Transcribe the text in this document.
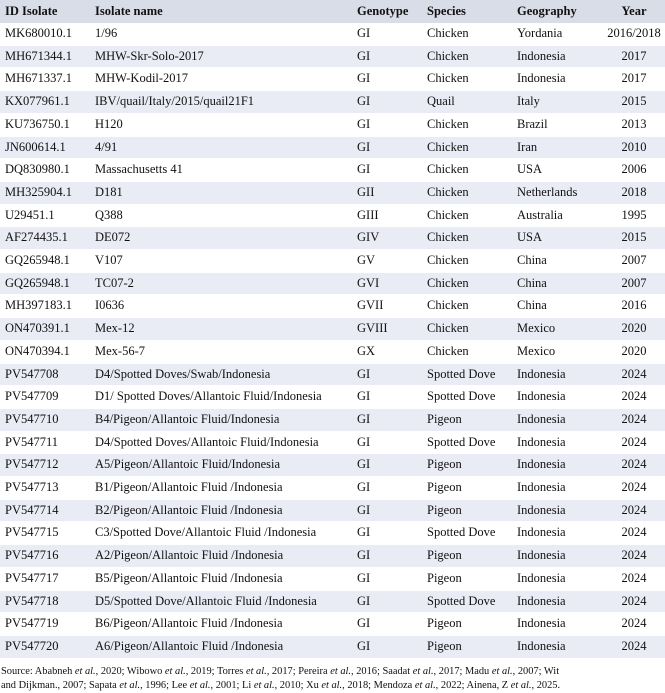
ID Isolate	Isolate name	Genotype	Species	Geography	Year
MK680010.1	1/96	GI	Chicken	Yordania	2016/2018
MH671344.1	MHW-Skr-Solo-2017	GI	Chicken	Indonesia	2017
MH671337.1	MHW-Kodil-2017	GI	Chicken	Indonesia	2017
KX077961.1	IBV/quail/Italy/2015/quail21F1	GI	Quail	Italy	2015
KU736750.1	H120	GI	Chicken	Brazil	2013
JN600614.1	4/91	GI	Chicken	Iran	2010
DQ830980.1	Massachusetts 41	GI	Chicken	USA	2006
MH325904.1	D181	GII	Chicken	Netherlands	2018
U29451.1	Q388	GIII	Chicken	Australia	1995
AF274435.1	DE072	GIV	Chicken	USA	2015
GQ265948.1	V107	GV	Chicken	China	2007
GQ265948.1	TC07-2	GVI	Chicken	China	2007
MH397183.1	I0636	GVII	Chicken	China	2016
ON470391.1	Mex-12	GVIII	Chicken	Mexico	2020
ON470394.1	Mex-56-7	GX	Chicken	Mexico	2020
PV547708	D4/Spotted Doves/Swab/Indonesia	GI	Spotted Dove	Indonesia	2024
PV547709	D1/ Spotted Doves/Allantoic Fluid/Indonesia	GI	Spotted Dove	Indonesia	2024
PV547710	B4/Pigeon/Allantoic Fluid/Indonesia	GI	Pigeon	Indonesia	2024
PV547711	D4/Spotted Doves/Allantoic Fluid/Indonesia	GI	Spotted Dove	Indonesia	2024
PV547712	A5/Pigeon/Allantoic Fluid/Indonesia	GI	Pigeon	Indonesia	2024
PV547713	B1/Pigeon/Allantoic Fluid /Indonesia	GI	Pigeon	Indonesia	2024
PV547714	B2/Pigeon/Allantoic Fluid /Indonesia	GI	Pigeon	Indonesia	2024
PV547715	C3/Spotted Dove/Allantoic Fluid /Indonesia	GI	Spotted Dove	Indonesia	2024
PV547716	A2/Pigeon/Allantoic Fluid /Indonesia	GI	Pigeon	Indonesia	2024
PV547717	B5/Pigeon/Allantoic Fluid /Indonesia	GI	Pigeon	Indonesia	2024
PV547718	D5/Spotted Dove/Allantoic Fluid /Indonesia	GI	Spotted Dove	Indonesia	2024
PV547719	B6/Pigeon/Allantoic Fluid /Indonesia	GI	Pigeon	Indonesia	2024
PV547720	A6/Pigeon/Allantoic Fluid /Indonesia	GI	Pigeon	Indonesia	2024
Source: Ababneh et al., 2020; Wibowo et al., 2019; Torres et al., 2017; Pereira et al., 2016; Saadat et al., 2017; Madu et al., 2007; Wit
and Dijkman., 2007; Sapata et al., 1996; Lee et al., 2001; Li et al., 2010; Xu et al., 2018; Mendoza et al., 2022; Ainena, Z et al., 2025.
